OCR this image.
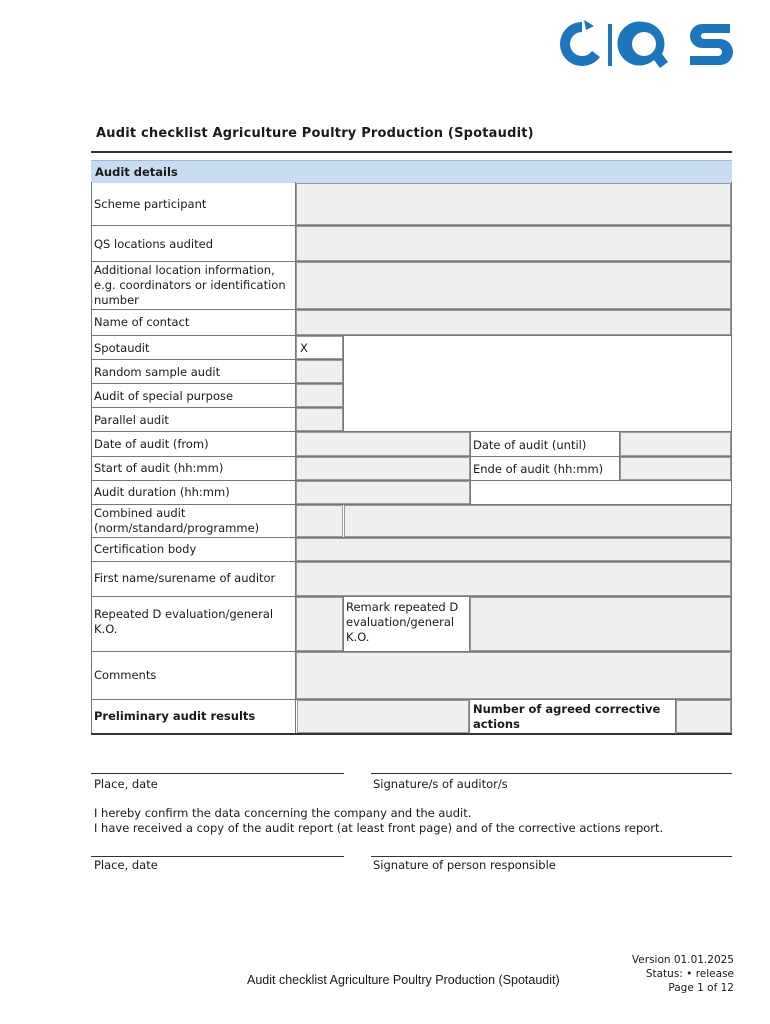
Audit checklist Agriculture Poultry Production (Spotaudit)
Audit details
Scheme participant
QS locations audited
Additional location information, e.g. coordinators or identification number
Name of contact
Spotaudit
Random sample audit
Audit of special purpose
Parallel audit
Date of audit (from)
Start of audit (hh:mm)
Audit duration (hh:mm)
Combined audit (norm/standard/programme)
Certification body
First name/surename of auditor
Repeated D evaluation/general K.O.
Comments
Preliminary audit results
X
Date of audit (until)
Ende of audit (hh:mm)
Remark repeated D evaluation/general K.O.
Number of agreed corrective actions
Place, date	Signature/s of auditor/s
I hereby confirm the data concerning the company and the audit.
I have received a copy of the audit report (at least front page) and of the corrective actions report.
Place, date	Signature of person responsible
Audit checklist Agriculture Poultry Production (Spotaudit)
Version 01.01.2025
Status: • release
Page 1 of 12
